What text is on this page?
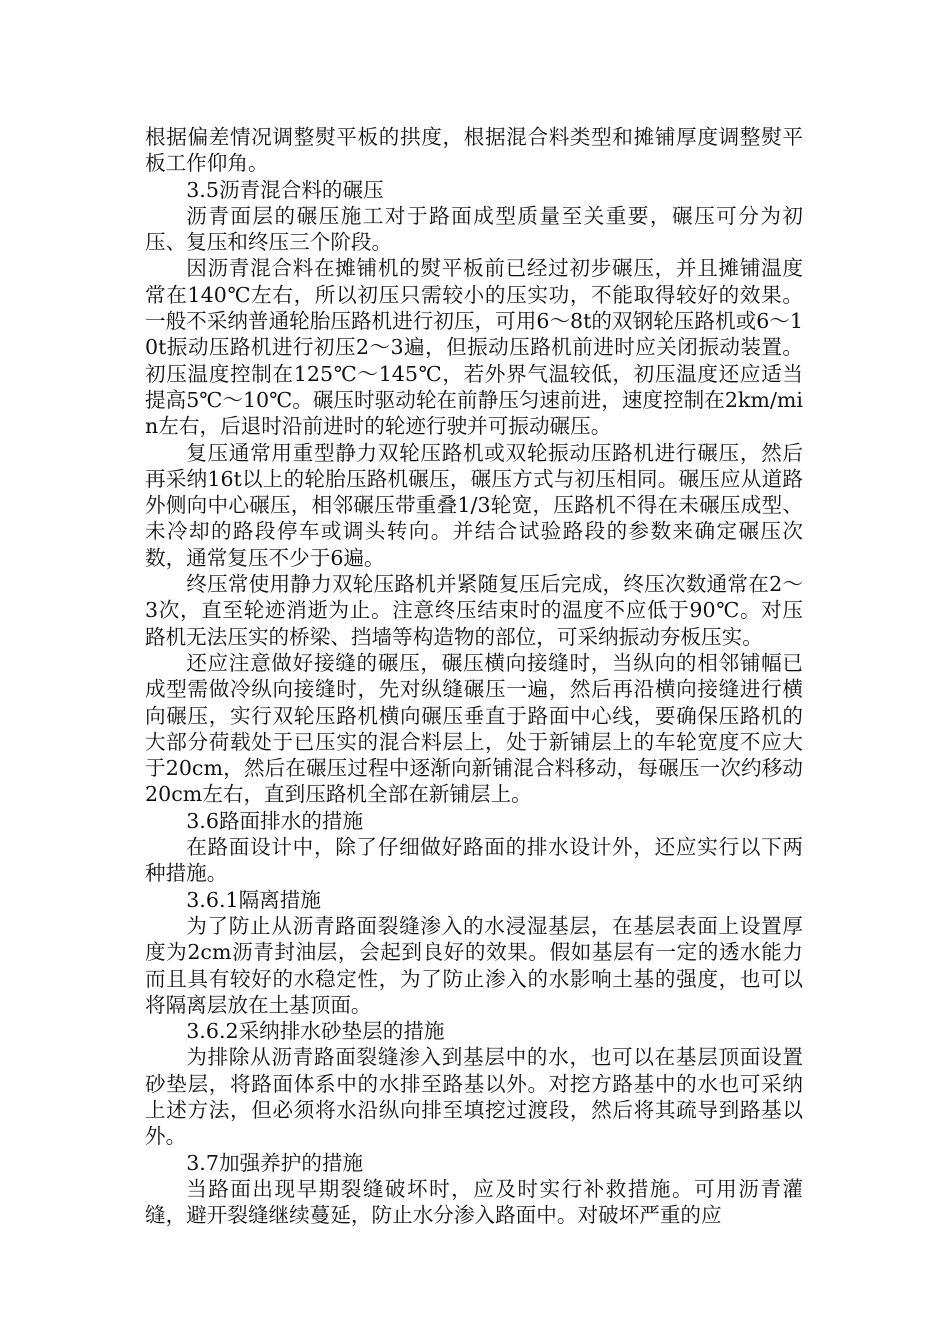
根据偏差情况调整熨平板的拱度，根据混合料类型和摊铺厚度调整熨平板工作仰角。

3.5沥青混合料的碾压

沥青面层的碾压施工对于路面成型质量至关重要，碾压可分为初压、复压和终压三个阶段。

因沥青混合料在摊铺机的熨平板前已经过初步碾压，并且摊铺温度常在140℃左右，所以初压只需较小的压实功，不能取得较好的效果。一般不采纳普通轮胎压路机进行初压，可用6～8t的双钢轮压路机或6～10t振动压路机进行初压2～3遍，但振动压路机前进时应关闭振动装置。初压温度控制在125℃～145℃，若外界气温较低，初压温度还应适当提高5℃～10℃。碾压时驱动轮在前静压匀速前进，速度控制在2km/min左右，后退时沿前进时的轮迹行驶并可振动碾压。

复压通常用重型静力双轮压路机或双轮振动压路机进行碾压，然后再采纳16t以上的轮胎压路机碾压，碾压方式与初压相同。碾压应从道路外侧向中心碾压，相邻碾压带重叠1/3轮宽，压路机不得在未碾压成型、未冷却的路段停车或调头转向。并结合试验路段的参数来确定碾压次数，通常复压不少于6遍。

终压常使用静力双轮压路机并紧随复压后完成，终压次数通常在2～3次，直至轮迹消逝为止。注意终压结束时的温度不应低于90℃。对压路机无法压实的桥梁、挡墙等构造物的部位，可采纳振动夯板压实。

还应注意做好接缝的碾压，碾压横向接缝时，当纵向的相邻铺幅已成型需做冷纵向接缝时，先对纵缝碾压一遍，然后再沿横向接缝进行横向碾压，实行双轮压路机横向碾压垂直于路面中心线，要确保压路机的大部分荷载处于已压实的混合料层上，处于新铺层上的车轮宽度不应大于20cm，然后在碾压过程中逐渐向新铺混合料移动，每碾压一次约移动20cm左右，直到压路机全部在新铺层上。

3.6路面排水的措施

在路面设计中，除了仔细做好路面的排水设计外，还应实行以下两种措施。

3.6.1隔离措施

为了防止从沥青路面裂缝渗入的水浸湿基层，在基层表面上设置厚度为2cm沥青封油层，会起到良好的效果。假如基层有一定的透水能力而且具有较好的水稳定性，为了防止渗入的水影响土基的强度，也可以将隔离层放在土基顶面。

3.6.2采纳排水砂垫层的措施

为排除从沥青路面裂缝渗入到基层中的水，也可以在基层顶面设置砂垫层，将路面体系中的水排至路基以外。对挖方路基中的水也可采纳上述方法，但必须将水沿纵向排至填挖过渡段，然后将其疏导到路基以外。

3.7加强养护的措施

当路面出现早期裂缝破坏时，应及时实行补救措施。可用沥青灌缝，避开裂缝继续蔓延，防止水分渗入路面中。对破坏严重的应
